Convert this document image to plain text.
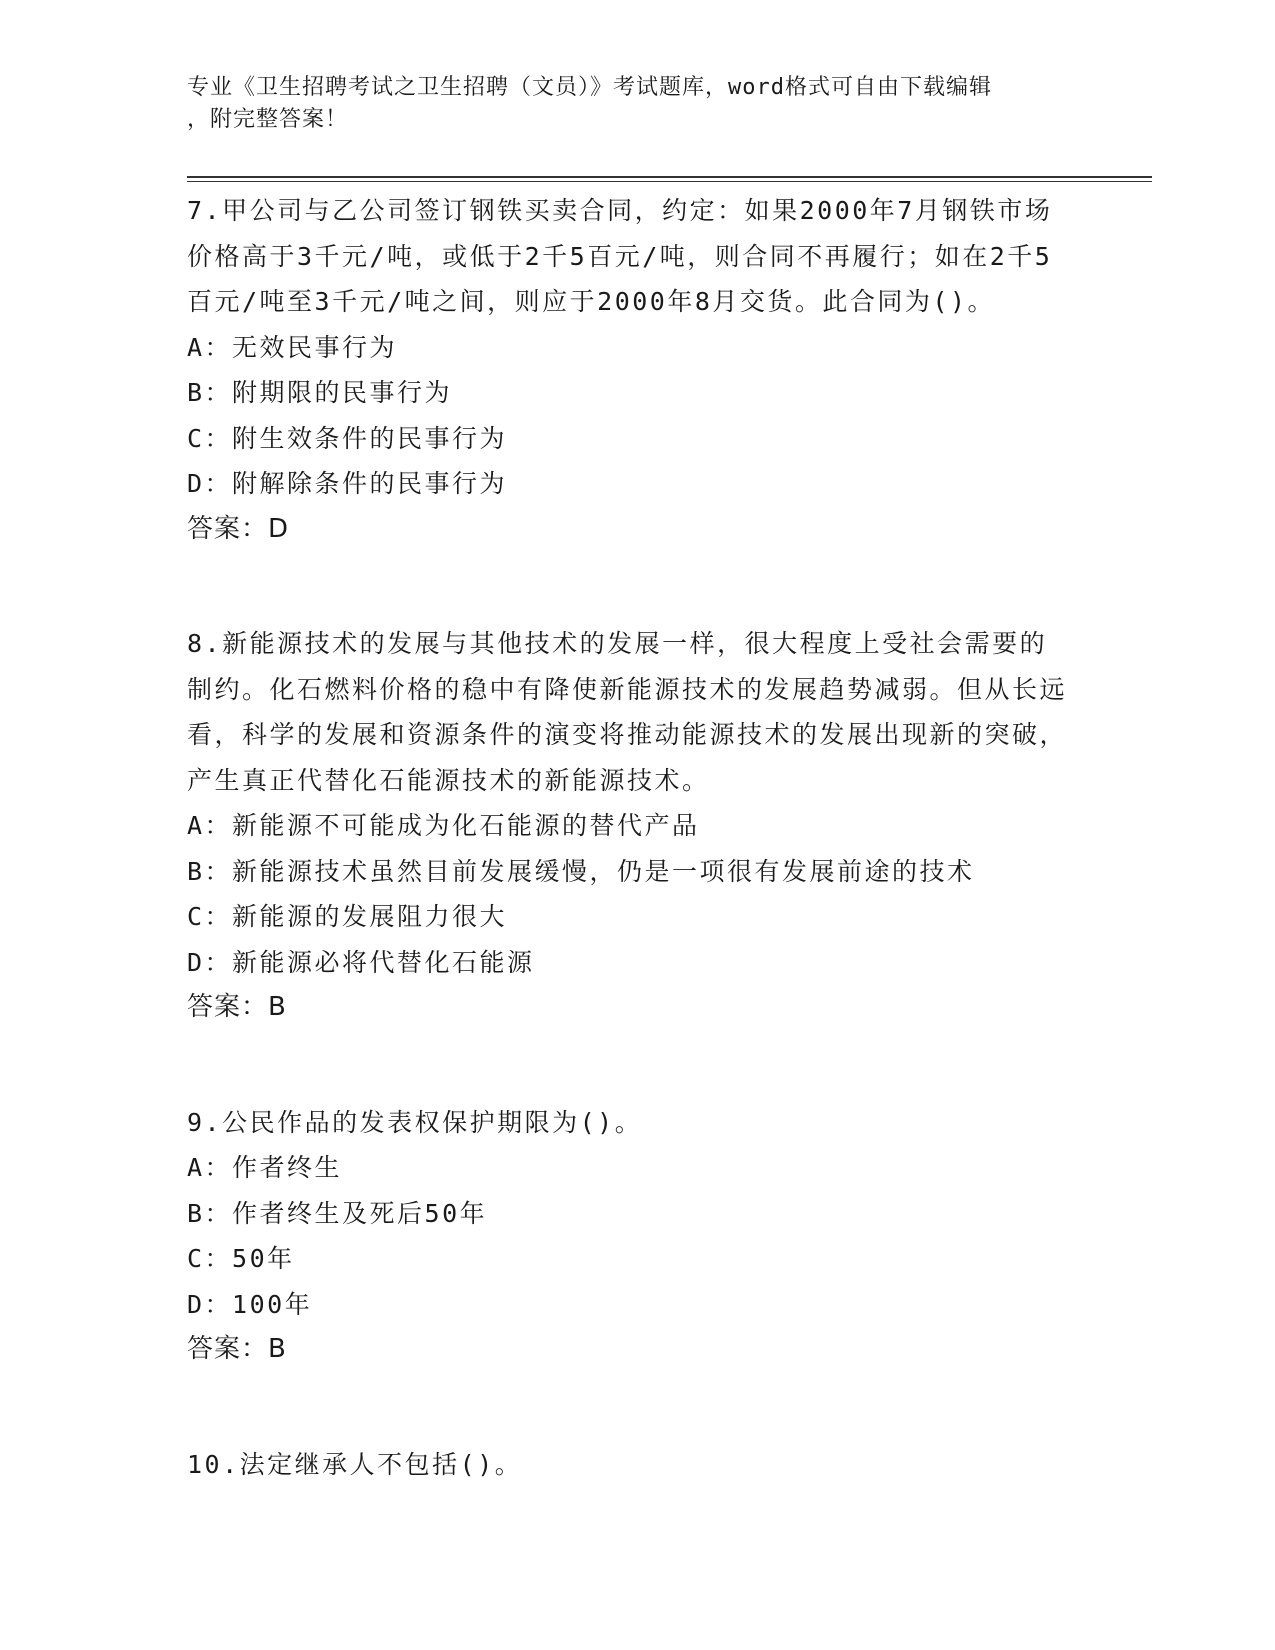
专业《卫生招聘考试之卫生招聘（文员）》考试题库，word格式可自由下载编辑
，附完整答案！

7.甲公司与乙公司签订钢铁买卖合同，约定：如果2000年7月钢铁市场价格高于3千元/吨，或低于2千5百元/吨，则合同不再履行；如在2千5百元/吨至3千元/吨之间，则应于2000年8月交货。此合同为()。

A：无效民事行为
B：附期限的民事行为
C：附生效条件的民事行为
D：附解除条件的民事行为

答案：D

8.新能源技术的发展与其他技术的发展一样，很大程度上受社会需要的制约。化石燃料价格的稳中有降使新能源技术的发展趋势减弱。但从长远看，科学的发展和资源条件的演变将推动能源技术的发展出现新的突破，产生真正代替化石能源技术的新能源技术。

A：新能源不可能成为化石能源的替代产品
B：新能源技术虽然目前发展缓慢，仍是一项很有发展前途的技术
C：新能源的发展阻力很大
D：新能源必将代替化石能源

答案：B

9.公民作品的发表权保护期限为()。

A：作者终生
B：作者终生及死后50年
C：50年
D：100年

答案：B

10.法定继承人不包括()。
